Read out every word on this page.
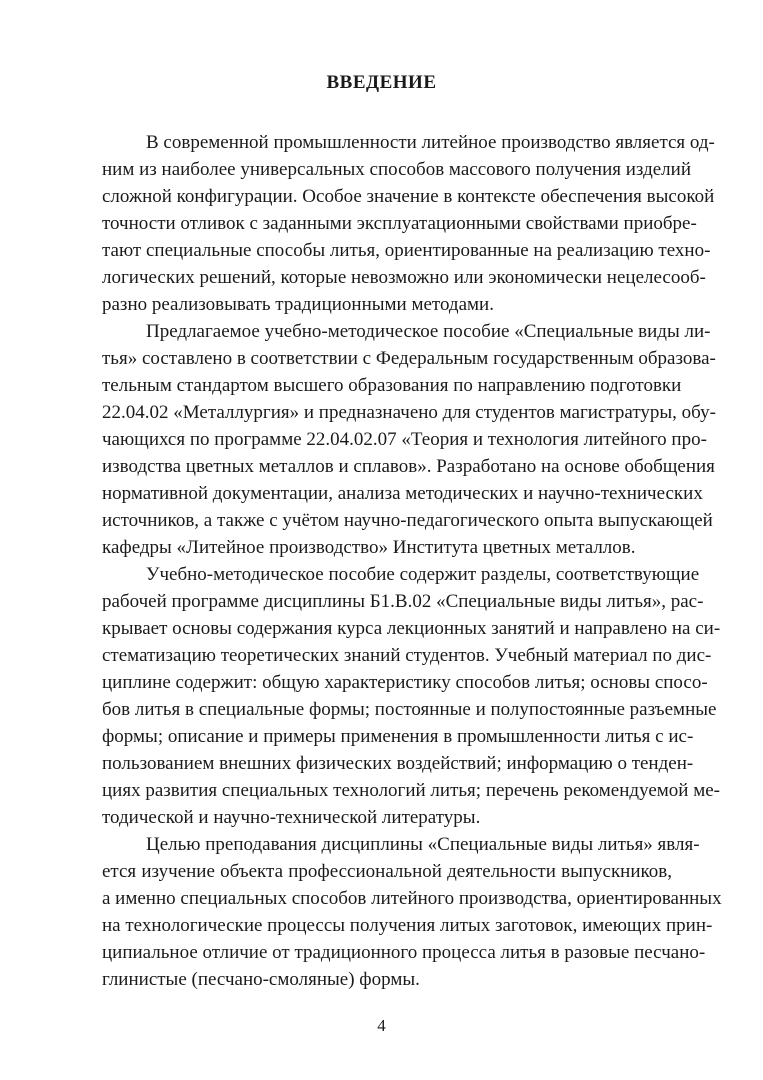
ВВЕДЕНИЕ
В современной промышленности литейное производство является од-
ним из наиболее универсальных способов массового получения изделий
сложной конфигурации. Особое значение в контексте обеспечения высокой
точности отливок с заданными эксплуатационными свойствами приобре-
тают специальные способы литья, ориентированные на реализацию техно-
логических решений, которые невозможно или экономически нецелесооб-
разно реализовывать традиционными методами.
Предлагаемое учебно-методическое пособие «Специальные виды ли-
тья» составлено в соответствии с Федеральным государственным образова-
тельным стандартом высшего образования по направлению подготовки
22.04.02 «Металлургия» и предназначено для студентов магистратуры, обу-
чающихся по программе 22.04.02.07 «Теория и технология литейного про-
изводства цветных металлов и сплавов». Разработано на основе обобщения
нормативной документации, анализа методических и научно-технических
источников, а также с учётом научно-педагогического опыта выпускающей
кафедры «Литейное производство» Института цветных металлов.
Учебно-методическое пособие содержит разделы, соответствующие
рабочей программе дисциплины Б1.В.02 «Специальные виды литья», рас-
крывает основы содержания курса лекционных занятий и направлено на си-
стематизацию теоретических знаний студентов. Учебный материал по дис-
циплине содержит: общую характеристику способов литья; основы спосо-
бов литья в специальные формы; постоянные и полупостоянные разъемные
формы; описание и примеры применения в промышленности литья с ис-
пользованием внешних физических воздействий; информацию о тенден-
циях развития специальных технологий литья; перечень рекомендуемой ме-
тодической и научно-технической литературы.
Целью преподавания дисциплины «Специальные виды литья» явля-
ется изучение объекта профессиональной деятельности выпускников,
а именно специальных способов литейного производства, ориентированных
на технологические процессы получения литых заготовок, имеющих прин-
ципиальное отличие от традиционного процесса литья в разовые песчано-
глинистые (песчано-смоляные) формы.
4
